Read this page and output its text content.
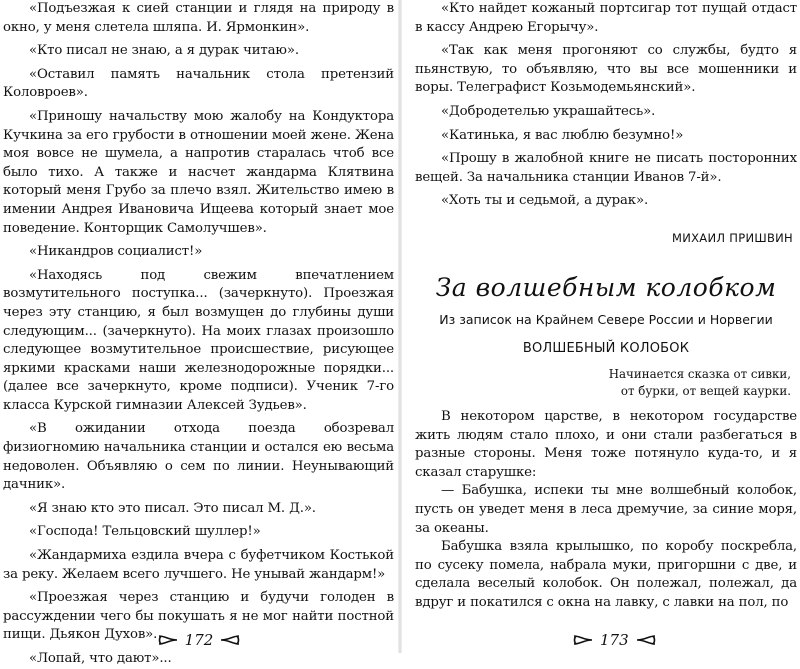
«Подъезжая к сией станции и глядя на природу в окно, у меня слетела шляпа. И. Ярмонкин».

«Кто писал не знаю, а я дурак читаю».

«Оставил память начальник стола претензий Коловроев».

«Приношу начальству мою жалобу на Кондуктора Кучкина за его грубости в отношении моей жене. Жена моя вовсе не шумела, а напротив старалась чтоб все было тихо. А также и насчет жандарма Клятвина который меня Грубо за плечо взял. Жительство имею в имении Андрея Ивановича Ищеева который знает мое поведение. Конторщик Самолучшев».

«Никандров социалист!»

«Находясь под свежим впечатлением возмутительного поступка... (зачеркнуто). Проезжая через эту станцию, я был возмущен до глубины души следующим... (зачеркнуто). На моих глазах произошло следующее возмутительное происшествие, рисующее яркими красками наши железнодорожные порядки... (далее все зачеркнуто, кроме подписи). Ученик 7-го класса Курской гимназии Алексей Зудьев».

«В ожидании отхода поезда обозревал физиогномию начальника станции и остался ею весьма недоволен. Объявляю о сем по линии. Неунывающий дачник».

«Я знаю кто это писал. Это писал М. Д.».

«Господа! Тельцовский шуллер!»

«Жандармиха ездила вчера с буфетчиком Костькой за реку. Желаем всего лучшего. Не унывай жандарм!»

«Проезжая через станцию и будучи голоден в рассуждении чего бы покушать я не мог найти постной пищи. Дьякон Духов».

«Лопай, что дают»...

172

«Кто найдет кожаный портсигар тот пущай отдаст в кассу Андрею Егорычу».

«Так как меня прогоняют со службы, будто я пьянствую, то объявляю, что вы все мошенники и воры. Телеграфист Козьмодемьянский».

«Добродетелью украшайтесь».

«Катинька, я вас люблю безумно!»

«Прошу в жалобной книге не писать посторонних вещей. За начальника станции Иванов 7-й».

«Хоть ты и седьмой, а дурак».

МИХАИЛ ПРИШВИН
За волшебным колобком
Из записок на Крайнем Севере России и Норвегии
ВОЛШЕБНЫЙ КОЛОБОК
Начинается сказка от сивки,
от бурки, от вещей каурки.

В некотором царстве, в некотором государстве жить людям стало плохо, и они стали разбегаться в разные стороны. Меня тоже потянуло куда-то, и я сказал старушке:

— Бабушка, испеки ты мне волшебный колобок, пусть он уведет меня в леса дремучие, за синие моря, за океаны.

Бабушка взяла крылышко, по коробу поскребла, по сусеку помела, набрала муки, пригоршни с две, и сделала веселый колобок. Он полежал, полежал, да вдруг и покатился с окна на лавку, с лавки на пол, по

173
